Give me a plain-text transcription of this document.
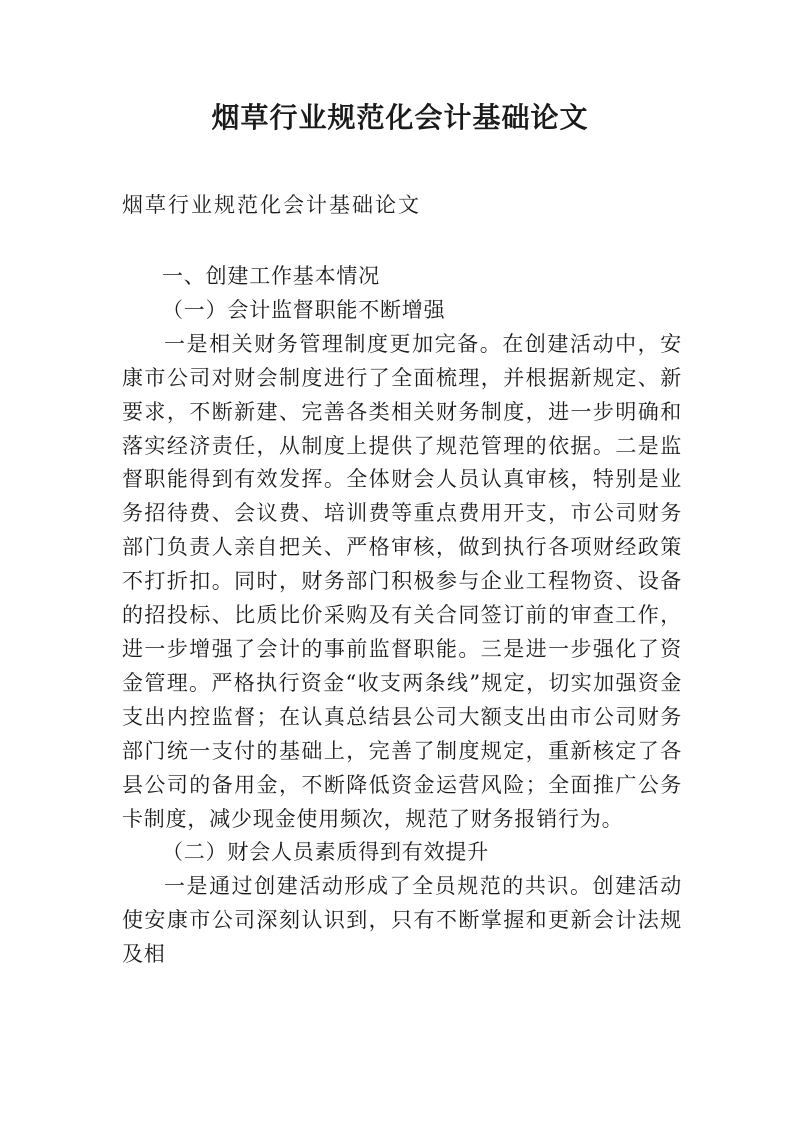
烟草行业规范化会计基础论文

烟草行业规范化会计基础论文

一、创建工作基本情况

（一）会计监督职能不断增强

一是相关财务管理制度更加完备。在创建活动中，安康市公司对财会制度进行了全面梳理，并根据新规定、新要求，不断新建、完善各类相关财务制度，进一步明确和落实经济责任，从制度上提供了规范管理的依据。二是监督职能得到有效发挥。全体财会人员认真审核，特别是业务招待费、会议费、培训费等重点费用开支，市公司财务部门负责人亲自把关、严格审核，做到执行各项财经政策不打折扣。同时，财务部门积极参与企业工程物资、设备的招投标、比质比价采购及有关合同签订前的审查工作，进一步增强了会计的事前监督职能。三是进一步强化了资金管理。严格执行资金“收支两条线”规定，切实加强资金支出内控监督；在认真总结县公司大额支出由市公司财务部门统一支付的基础上，完善了制度规定，重新核定了各县公司的备用金，不断降低资金运营风险；全面推广公务卡制度，减少现金使用频次，规范了财务报销行为。

（二）财会人员素质得到有效提升

一是通过创建活动形成了全员规范的共识。创建活动使安康市公司深刻认识到，只有不断掌握和更新会计法规及相
